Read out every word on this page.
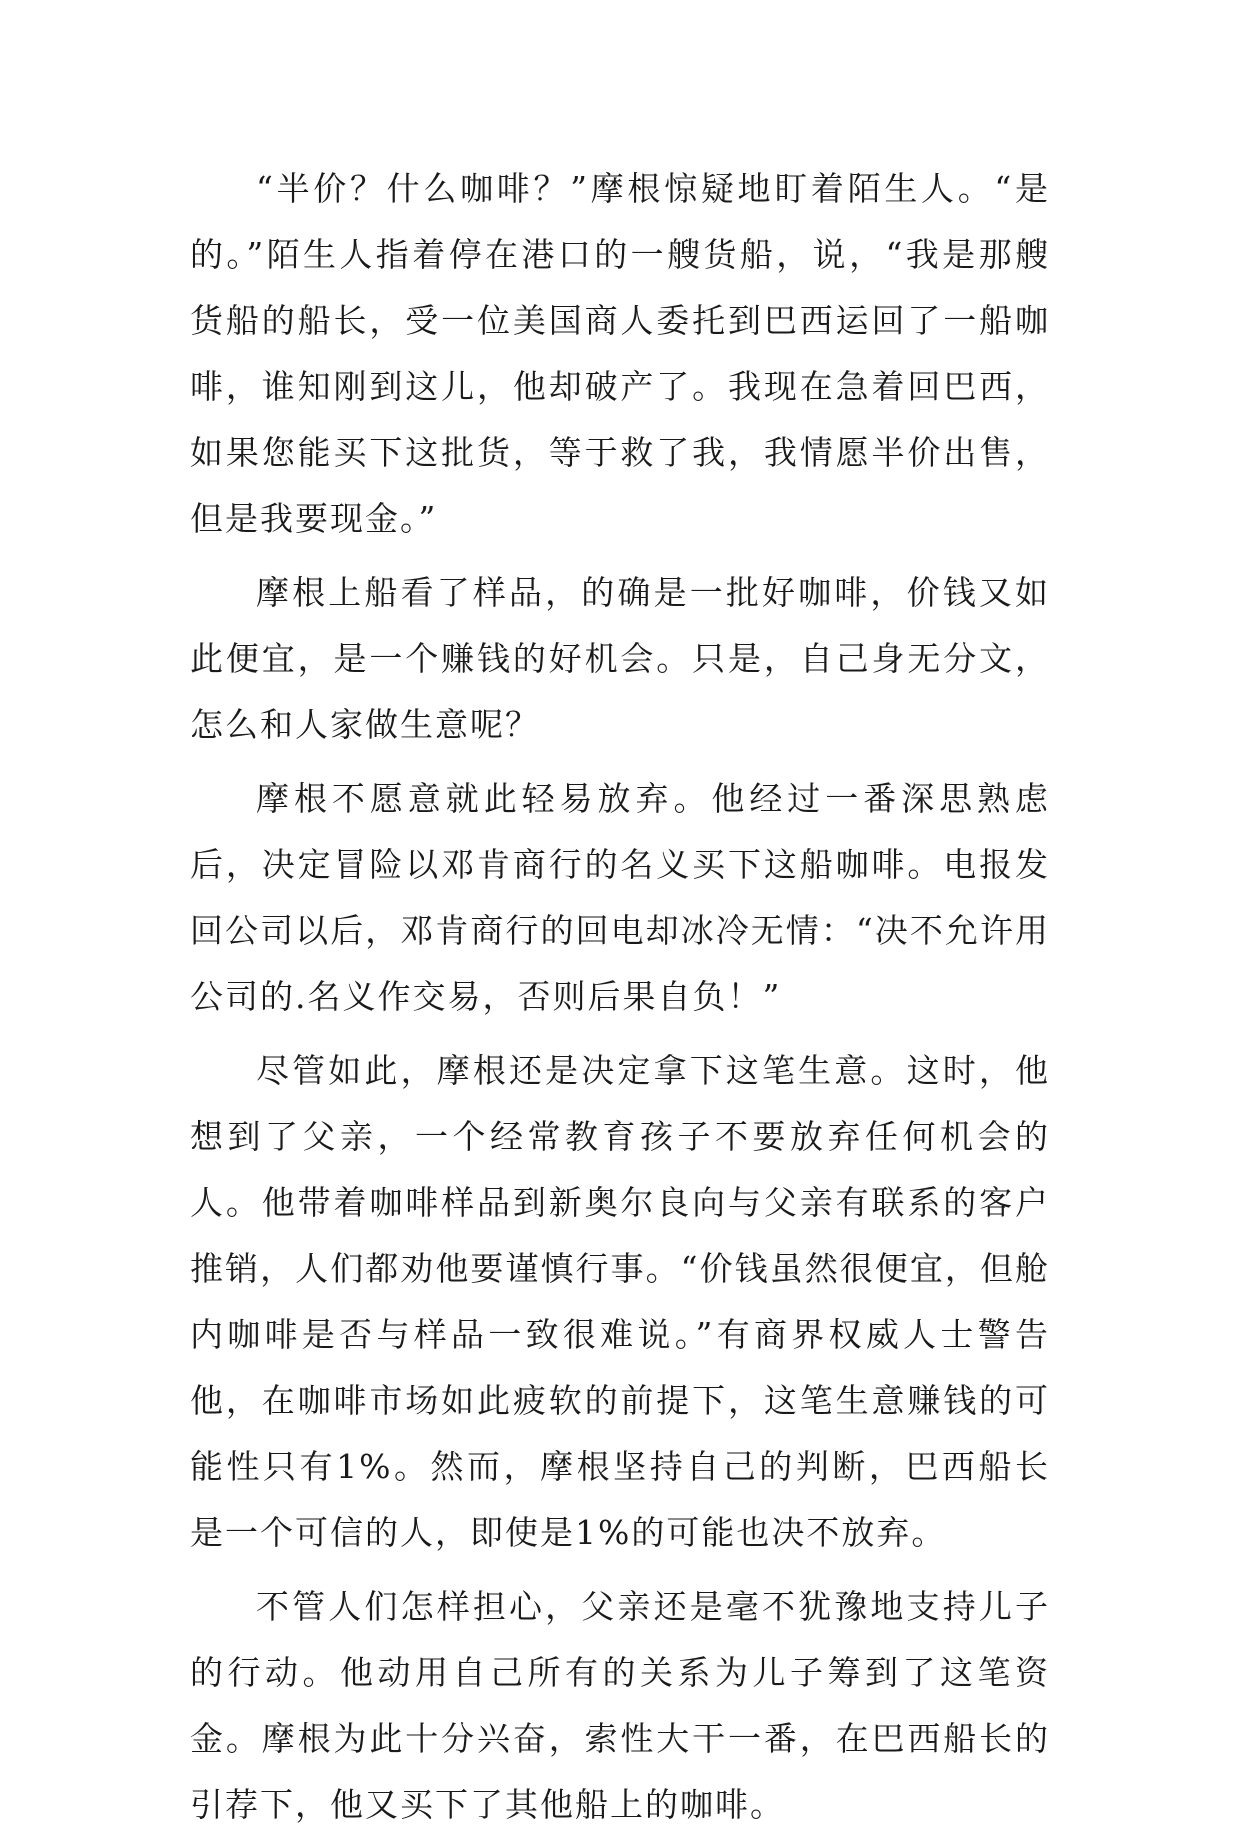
“半价？什么咖啡？”摩根惊疑地盯着陌生人。“是的。”陌生人指着停在港口的一艘货船，说，“我是那艘货船的船长，受一位美国商人委托到巴西运回了一船咖啡，谁知刚到这儿，他却破产了。我现在急着回巴西，如果您能买下这批货，等于救了我，我情愿半价出售，但是我要现金。”

摩根上船看了样品，的确是一批好咖啡，价钱又如此便宜，是一个赚钱的好机会。只是，自己身无分文，怎么和人家做生意呢？

摩根不愿意就此轻易放弃。他经过一番深思熟虑后，决定冒险以邓肯商行的名义买下这船咖啡。电报发回公司以后，邓肯商行的回电却冰冷无情：“决不允许用公司的.名义作交易，否则后果自负！”

尽管如此，摩根还是决定拿下这笔生意。这时，他想到了父亲，一个经常教育孩子不要放弃任何机会的人。他带着咖啡样品到新奥尔良向与父亲有联系的客户推销，人们都劝他要谨慎行事。“价钱虽然很便宜，但舱内咖啡是否与样品一致很难说。”有商界权威人士警告他，在咖啡市场如此疲软的前提下，这笔生意赚钱的可能性只有1%。然而，摩根坚持自己的判断，巴西船长是一个可信的人，即使是1%的可能也决不放弃。

不管人们怎样担心，父亲还是毫不犹豫地支持儿子的行动。他动用自己所有的关系为儿子筹到了这笔资金。摩根为此十分兴奋，索性大干一番，在巴西船长的引荐下，他又买下了其他船上的咖啡。
